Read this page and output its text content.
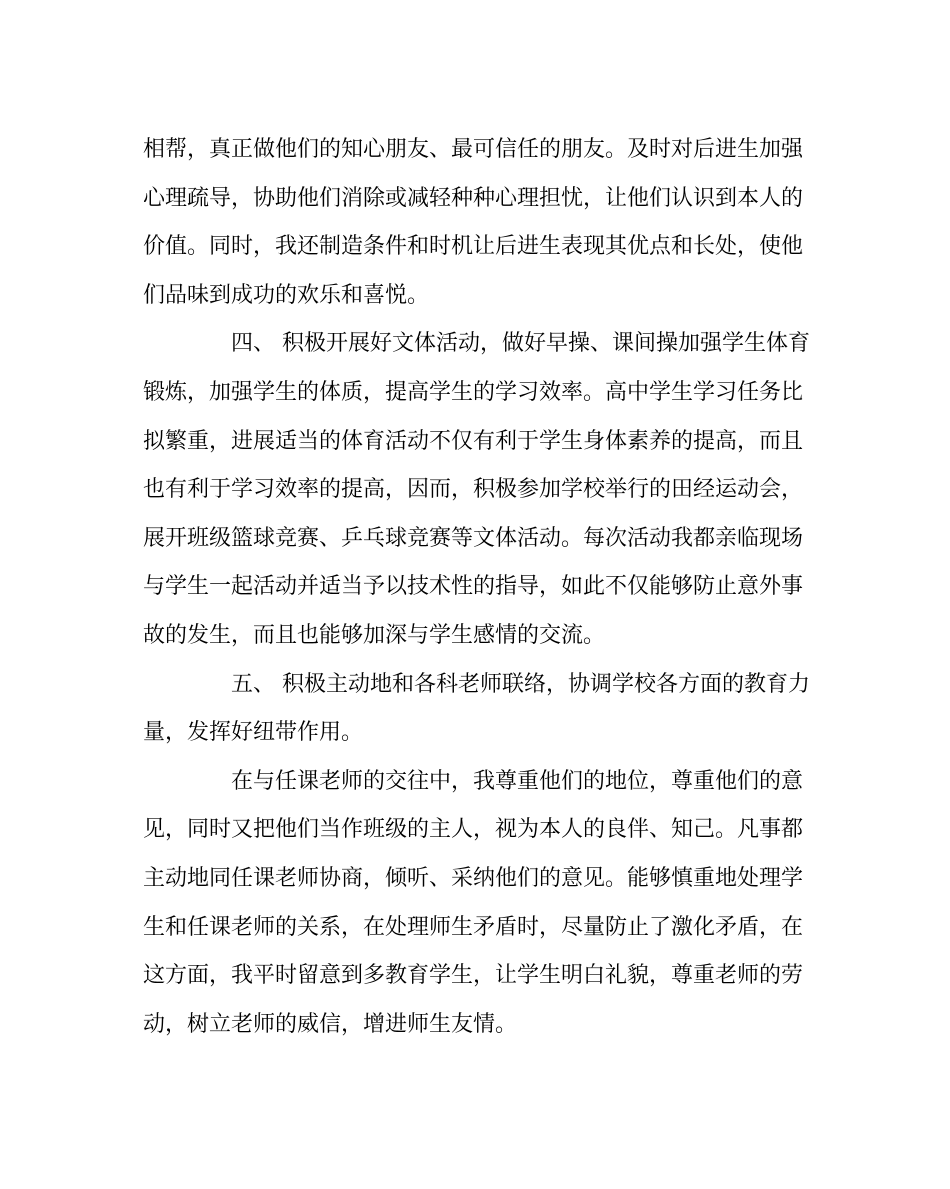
相帮，真正做他们的知心朋友、最可信任的朋友。及时对后进生加强
心理疏导，协助他们消除或减轻种种心理担忧，让他们认识到本人的
价值。同时，我还制造条件和时机让后进生表现其优点和长处，使他
们品味到成功的欢乐和喜悦。
四、 积极开展好文体活动，做好早操、课间操加强学生体育
锻炼，加强学生的体质，提高学生的学习效率。高中学生学习任务比
拟繁重，进展适当的体育活动不仅有利于学生身体素养的提高，而且
也有利于学习效率的提高，因而，积极参加学校举行的田经运动会，
展开班级篮球竞赛、乒乓球竞赛等文体活动。每次活动我都亲临现场
与学生一起活动并适当予以技术性的指导，如此不仅能够防止意外事
故的发生，而且也能够加深与学生感情的交流。
五、 积极主动地和各科老师联络，协调学校各方面的教育力
量，发挥好纽带作用。
在与任课老师的交往中，我尊重他们的地位，尊重他们的意
见，同时又把他们当作班级的主人，视为本人的良伴、知己。凡事都
主动地同任课老师协商，倾听、采纳他们的意见。能够慎重地处理学
生和任课老师的关系，在处理师生矛盾时，尽量防止了激化矛盾，在
这方面，我平时留意到多教育学生，让学生明白礼貌，尊重老师的劳
动，树立老师的威信，增进师生友情。
